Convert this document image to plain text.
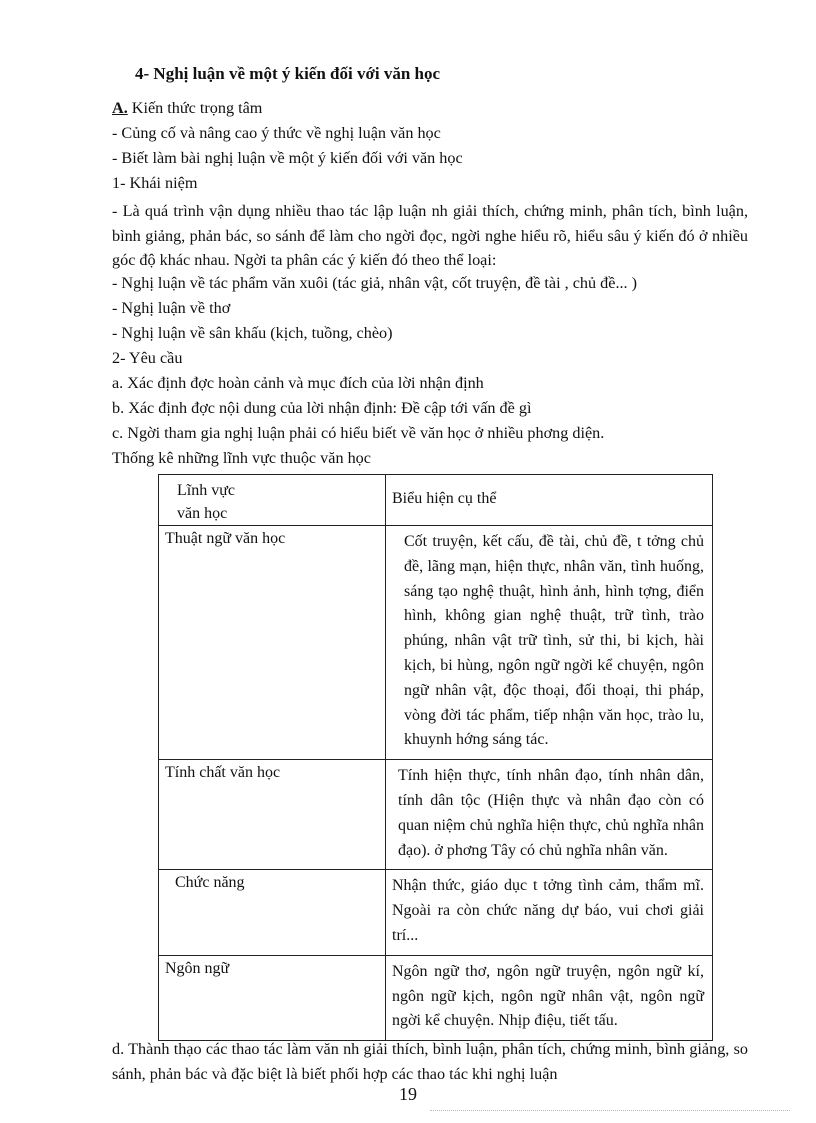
4- Nghị luận về một ý kiến đối với văn học
A. Kiến thức trọng tâm
- Củng cố và nâng cao ý thức về nghị luận văn học
- Biết làm bài nghị luận về một ý kiến đối với văn học
1- Khái niệm
- Là quá trình vận dụng nhiều thao tác lập luận nh giải thích, chứng minh, phân tích, bình luận, bình giảng, phản bác, so sánh để làm cho ngời đọc, ngời nghe hiểu rõ, hiểu sâu ý kiến đó ở nhiều góc độ khác nhau. Ngời ta phân các ý kiến đó theo thể loại:
- Nghị luận về tác phẩm văn xuôi (tác giả, nhân vật, cốt truyện, đề tài , chủ đề... )
- Nghị luận về thơ
- Nghị luận về sân khấu (kịch, tuồng, chèo)
2- Yêu cầu
a. Xác định đợc hoàn cảnh và mục đích của lời nhận định
b. Xác định đợc nội dung của lời nhận định: Đề cập tới vấn đề gì
c. Ngời tham gia nghị luận phải có hiểu biết về văn học ở nhiều phơng diện.
Thống kê những lĩnh vực thuộc văn học
Lĩnh vực
văn học	Biểu hiện cụ thể
Thuật ngữ văn học	Cốt truyện, kết cấu, đề tài, chủ đề, t tởng chủ đề, lãng mạn, hiện thực, nhân văn, tình huống, sáng tạo nghệ thuật, hình ảnh, hình tợng, điển hình, không gian nghệ thuật, trữ tình, trào phúng, nhân vật trữ tình, sử thi, bi kịch, hài kịch, bi hùng, ngôn ngữ ngời kể chuyện, ngôn ngữ nhân vật, độc thoại, đối thoại, thi pháp, vòng đời tác phẩm, tiếp nhận văn học, trào lu, khuynh hớng sáng tác.
Tính chất văn học	Tính hiện thực, tính nhân đạo, tính nhân dân, tính dân tộc (Hiện thực và nhân đạo còn có quan niệm chủ nghĩa hiện thực, chủ nghĩa nhân đạo). ở phơng Tây có chủ nghĩa nhân văn.
Chức năng	Nhận thức, giáo dục t tởng tình cảm, thẩm mĩ. Ngoài ra còn chức năng dự báo, vui chơi giải trí...
Ngôn ngữ	Ngôn ngữ thơ, ngôn ngữ truyện, ngôn ngữ kí, ngôn ngữ kịch, ngôn ngữ nhân vật, ngôn ngữ ngời kể chuyện. Nhịp điệu, tiết tấu.
d. Thành thạo các thao tác làm văn nh giải thích, bình luận, phân tích, chứng minh, bình giảng, so sánh, phản bác và đặc biệt là biết phối hợp các thao tác khi nghị luận
19
